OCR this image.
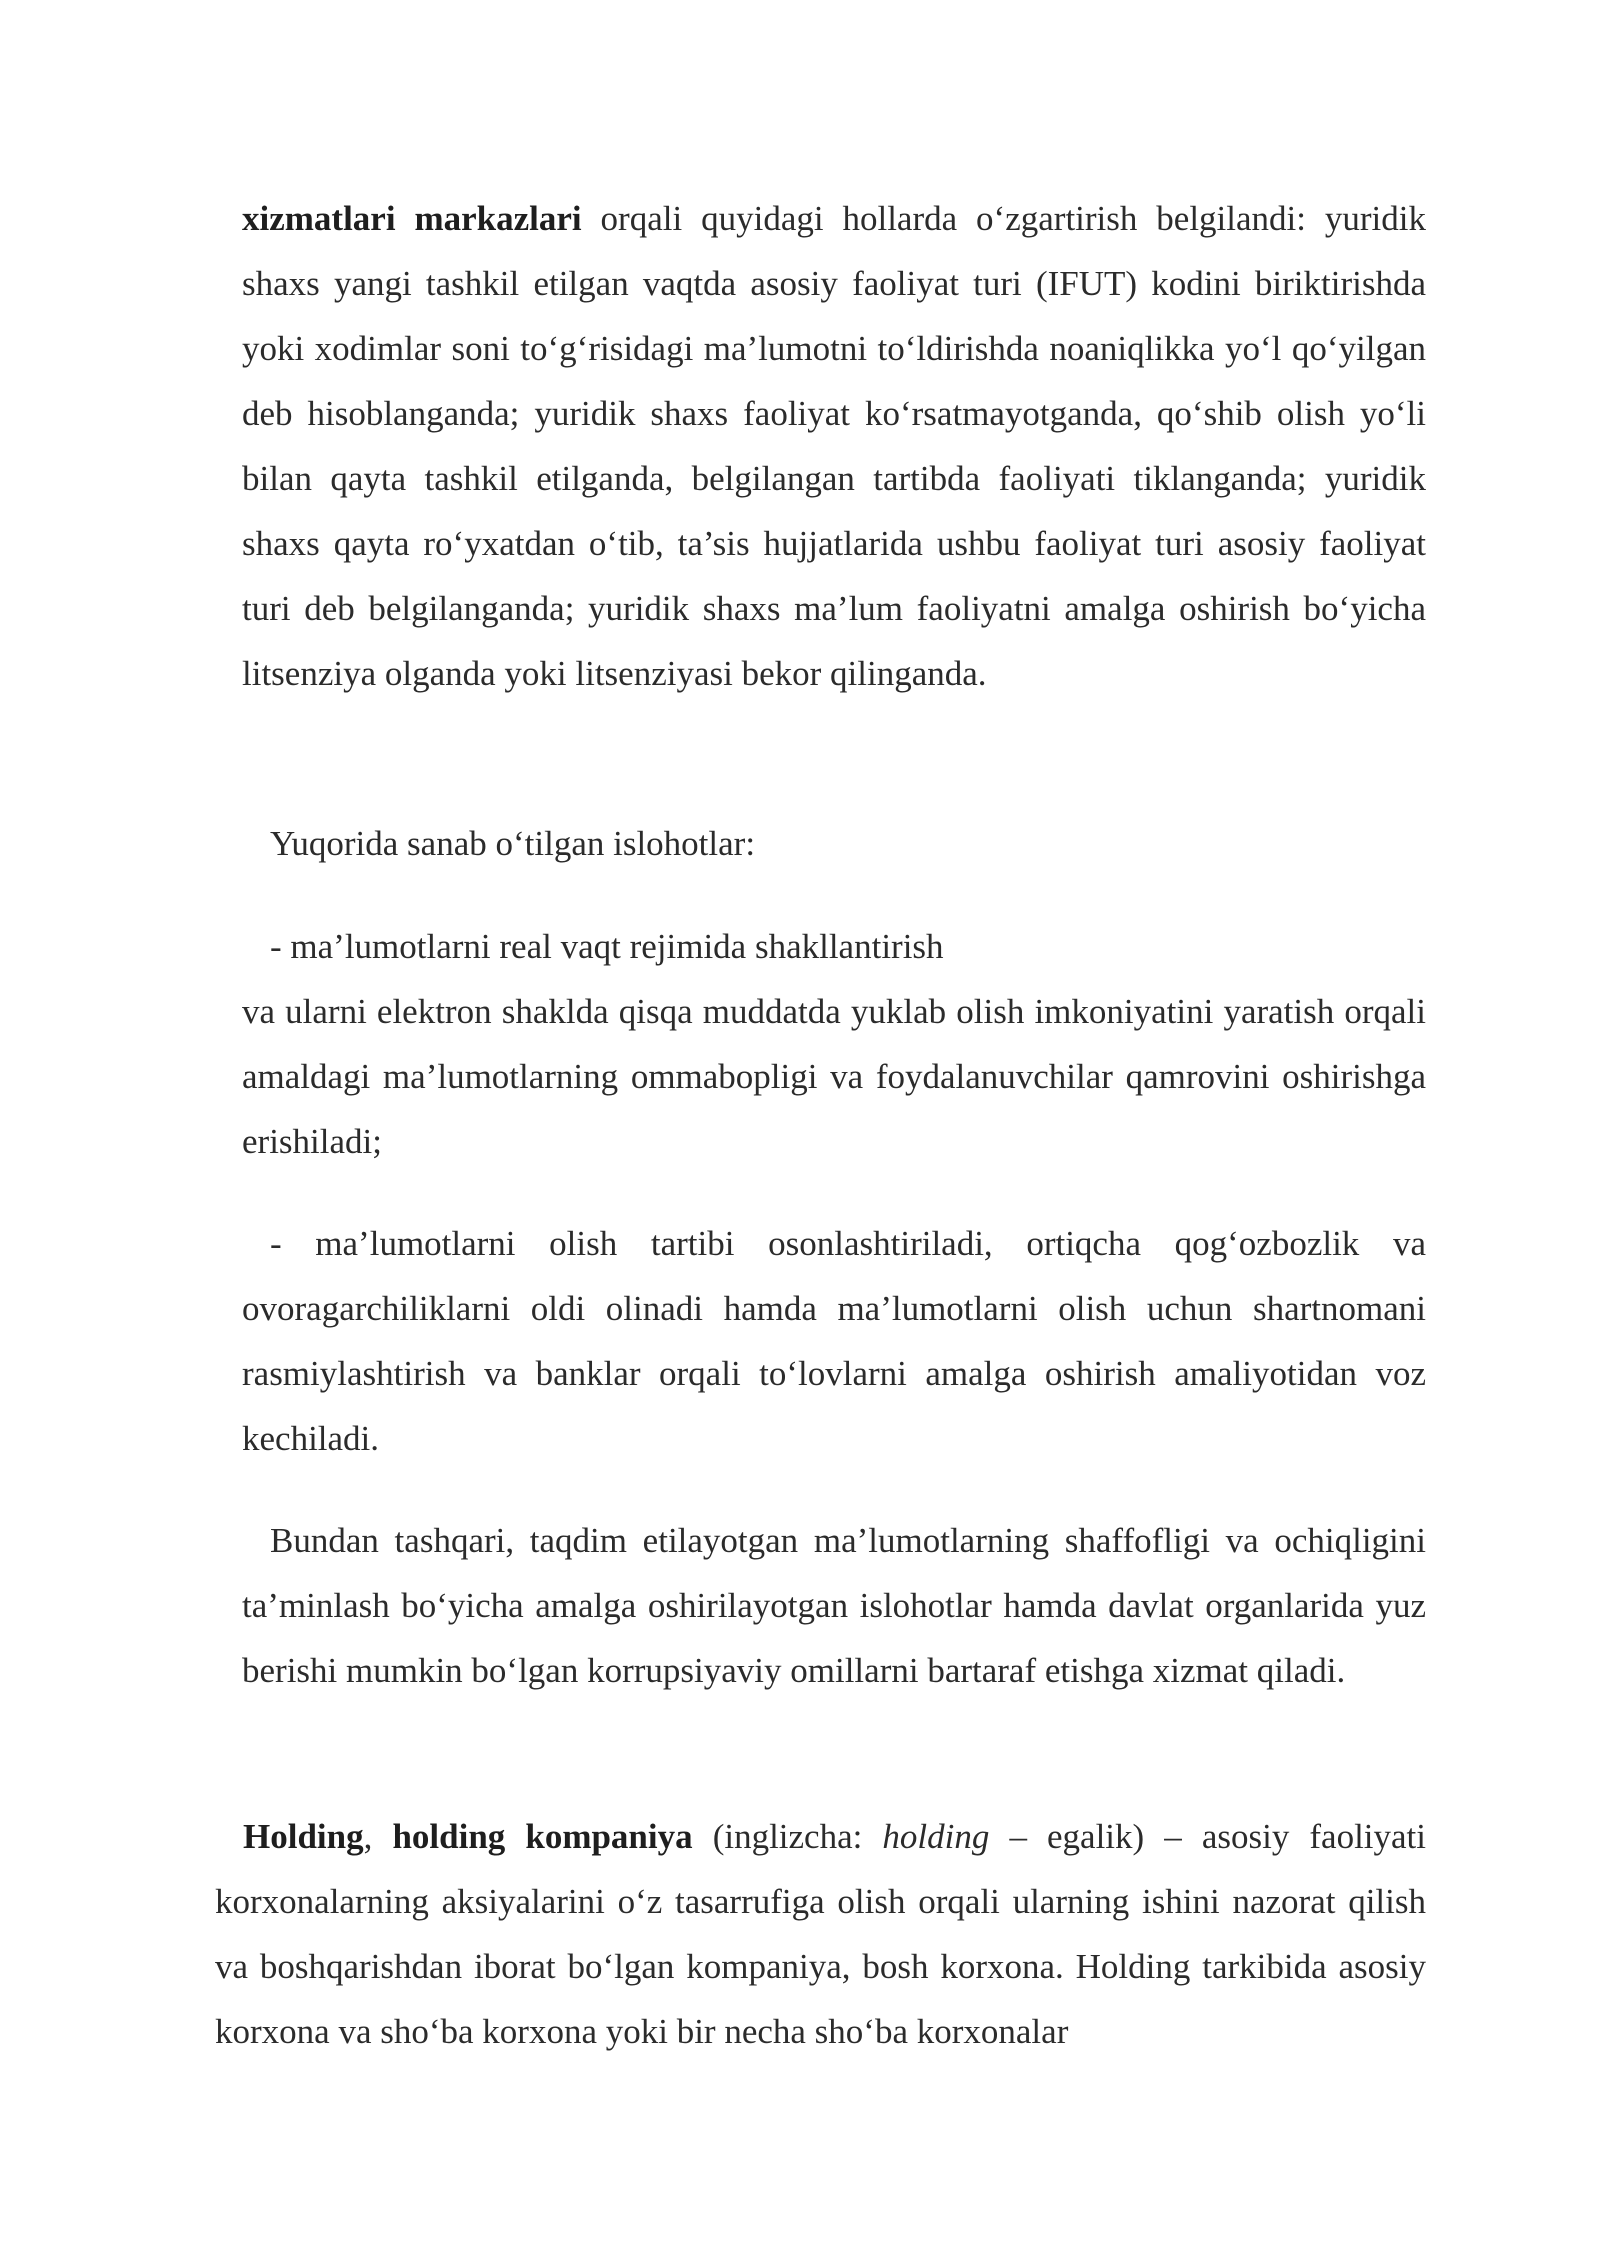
xizmatlari markazlari orqali quyidagi hollarda o‘zgartirish belgilandi: yuridik shaxs yangi tashkil etilgan vaqtda asosiy faoliyat turi (IFUT) kodini biriktirishda yoki xodimlar soni to‘g‘risidagi ma’lumotni to‘ldirishda noaniqlikka yo‘l qo‘yilgan deb hisoblanganda; yuridik shaxs faoliyat ko‘rsatmayotganda, qo‘shib olish yo‘li bilan qayta tashkil etilganda, belgilangan tartibda faoliyati tiklanganda; yuridik shaxs qayta ro‘yxatdan o‘tib, ta’sis hujjatlarida ushbu faoliyat turi asosiy faoliyat turi deb belgilanganda; yuridik shaxs ma’lum faoliyatni amalga oshirish bo‘yicha litsenziya olganda yoki litsenziyasi bekor qilinganda.

Yuqorida sanab o‘tilgan islohotlar:

- ma’lumotlarni real vaqt rejimida shakllantirish
va ularni elektron shaklda qisqa muddatda yuklab olish imkoniyatini yaratish orqali amaldagi ma’lumotlarning ommabopligi va foydalanuvchilar qamrovini oshirishga erishiladi;

- ma’lumotlarni olish tartibi osonlashtiriladi, ortiqcha qog‘ozbozlik va ovoragarchiliklarni oldi olinadi hamda ma’lumotlarni olish uchun shartnomani rasmiylashtirish va banklar orqali to‘lovlarni amalga oshirish amaliyotidan voz kechiladi.

Bundan tashqari, taqdim etilayotgan ma’lumotlarning shaffofligi va ochiqligini ta’minlash bo‘yicha amalga oshirilayotgan islohotlar hamda davlat organlarida yuz berishi mumkin bo‘lgan korrupsiyaviy omillarni bartaraf etishga xizmat qiladi.

Holding, holding kompaniya (inglizcha: holding – egalik) – asosiy faoliyati korxonalarning aksiyalarini o‘z tasarrufiga olish orqali ularning ishini nazorat qilish va boshqarishdan iborat bo‘lgan kompaniya, bosh korxona. Holding tarkibida asosiy korxona va sho‘ba korxona yoki bir necha sho‘ba korxonalar
